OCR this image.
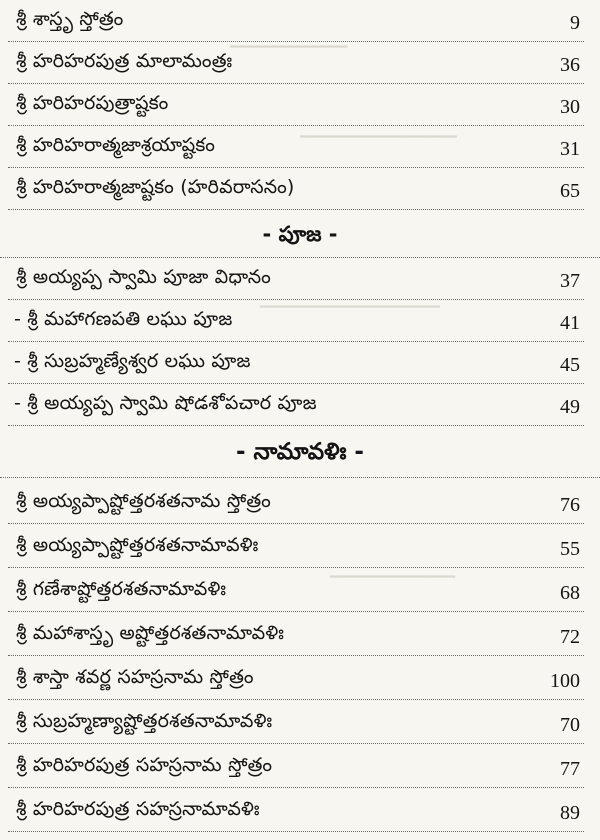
━━━━━━━━━━━━━━━
━━━━━━━━━━━━━━━━━━━━
━━━━━━━━━━━━━━━━━━━━━━━
━━━━━━━━━━━━━━━━
శ్రీ శాస్తృ స్తోత్రం	9
శ్రీ హరిహరపుత్ర మాలామంత్రః	36
శ్రీ హరిహరపుత్రాష్టకం	30
శ్రీ హరిహరాత్మజాశ్రయాష్టకం	31
శ్రీ హరిహరాత్మజాష్టకం (హరివరాసనం)	65
- పూజ -
శ్రీ అయ్యప్ప స్వామి పూజా విధానం	37
- శ్రీ మహాగణపతి లఘు పూజ	41
- శ్రీ సుబ్రహ్మణ్యేశ్వర లఘు పూజ	45
- శ్రీ అయ్యప్ప స్వామి షోడశోపచార పూజ	49
- నామావళిః -
శ్రీ అయ్యప్పాష్టోత్తరశతనామ స్తోత్రం	76
శ్రీ అయ్యప్పాష్టోత్తరశతనామావళిః	55
శ్రీ గణేశాష్టోత్తరశతనామావళిః	68
శ్రీ మహాశాస్తృ అష్టోత్తరశతనామావళిః	72
శ్రీ శాస్తా శవర్ణ సహస్రనామ స్తోత్రం	100
శ్రీ సుబ్రహ్మణ్యాష్టోత్తరశతనామావళిః	70
శ్రీ హరిహరపుత్ర సహస్రనామ స్తోత్రం	77
శ్రీ హరిహరపుత్ర సహస్రనామావళిః	89
